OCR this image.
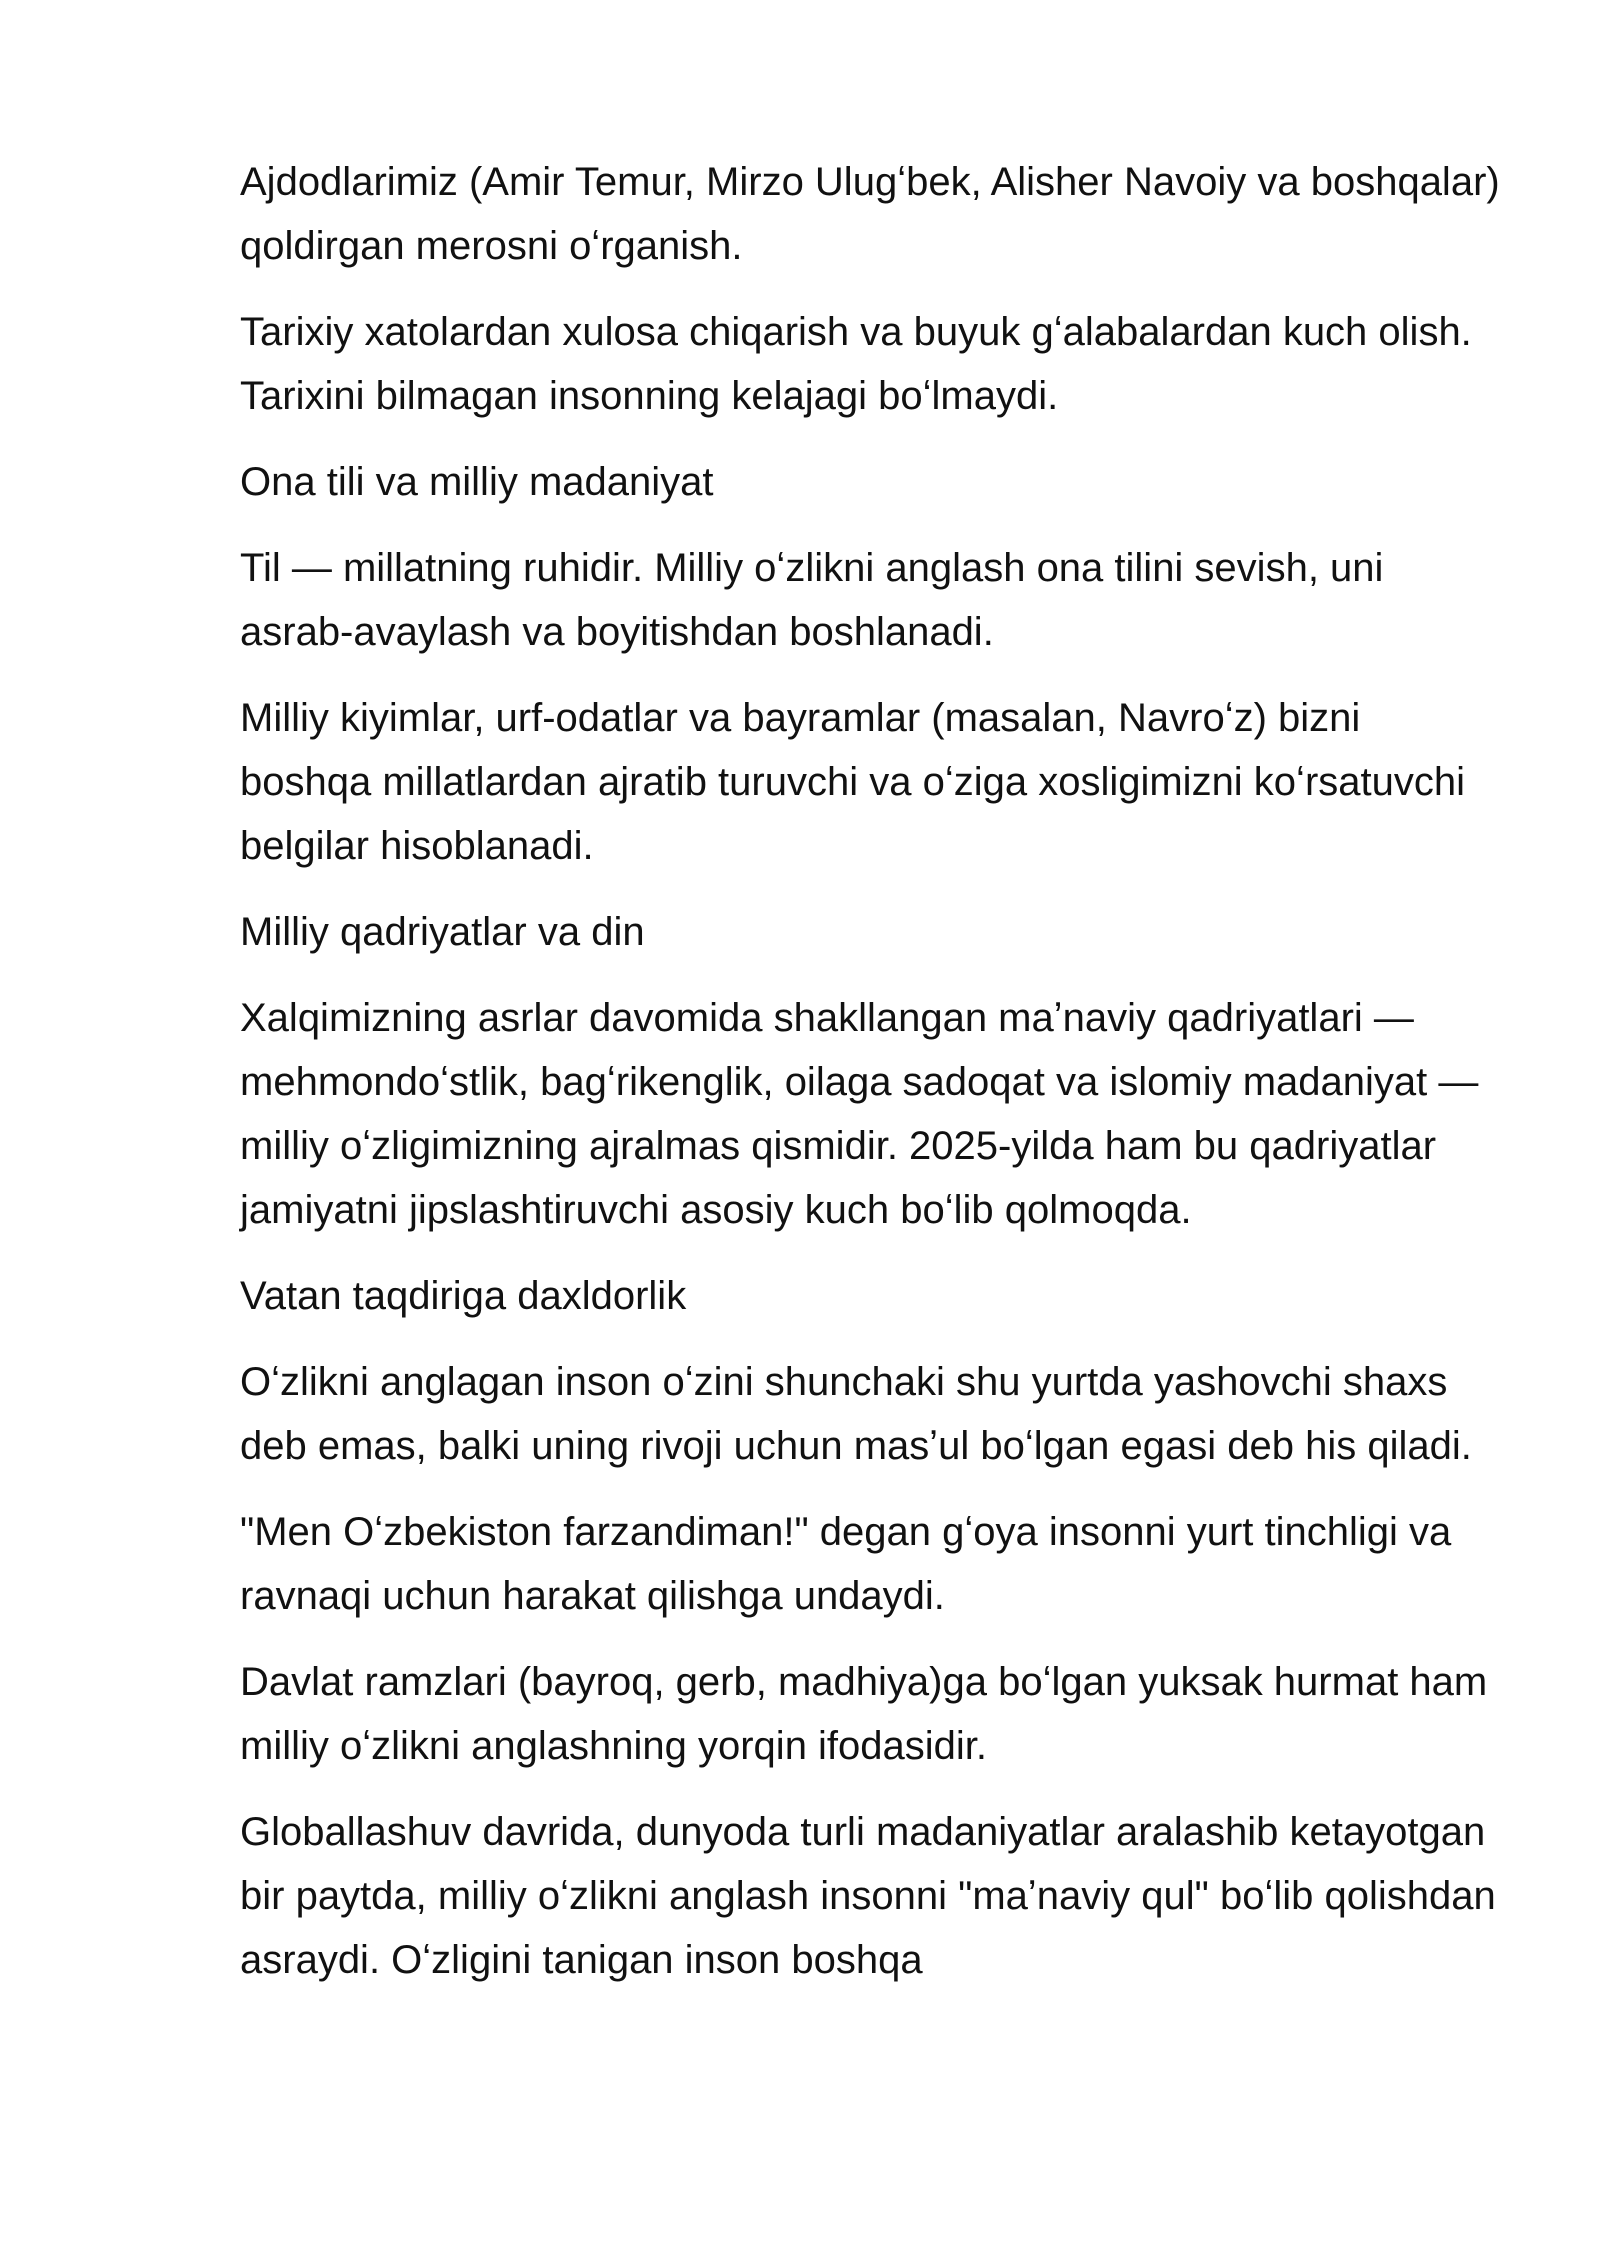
Ajdodlarimiz (Amir Temur, Mirzo Ulugʻbek, Alisher Navoiy va boshqalar) qoldirgan merosni oʻrganish.

Tarixiy xatolardan xulosa chiqarish va buyuk gʻalabalardan kuch olish. Tarixini bilmagan insonning kelajagi boʻlmaydi.

Ona tili va milliy madaniyat

Til — millatning ruhidir. Milliy oʻzlikni anglash ona tilini sevish, uni asrab-avaylash va boyitishdan boshlanadi.

Milliy kiyimlar, urf-odatlar va bayramlar (masalan, Navroʻz) bizni boshqa millatlardan ajratib turuvchi va oʻziga xosligimizni koʻrsatuvchi belgilar hisoblanadi.

Milliy qadriyatlar va din

Xalqimizning asrlar davomida shakllangan maʼnaviy qadriyatlari — mehmondoʻstlik, bagʻrikenglik, oilaga sadoqat va islomiy madaniyat — milliy oʻzligimizning ajralmas qismidir. 2025-yilda ham bu qadriyatlar jamiyatni jipslashtiruvchi asosiy kuch boʻlib qolmoqda.

Vatan taqdiriga daxldorlik

Oʻzlikni anglagan inson oʻzini shunchaki shu yurtda yashovchi shaxs deb emas, balki uning rivoji uchun masʼul boʻlgan egasi deb his qiladi.

"Men Oʻzbekiston farzandiman!" degan gʻoya insonni yurt tinchligi va ravnaqi uchun harakat qilishga undaydi.

Davlat ramzlari (bayroq, gerb, madhiya)ga boʻlgan yuksak hurmat ham milliy oʻzlikni anglashning yorqin ifodasidir.

Globallashuv davrida, dunyoda turli madaniyatlar aralashib ketayotgan bir paytda, milliy oʻzlikni anglash insonni "maʼnaviy qul" boʻlib qolishdan asraydi. Oʻzligini tanigan inson boshqa
